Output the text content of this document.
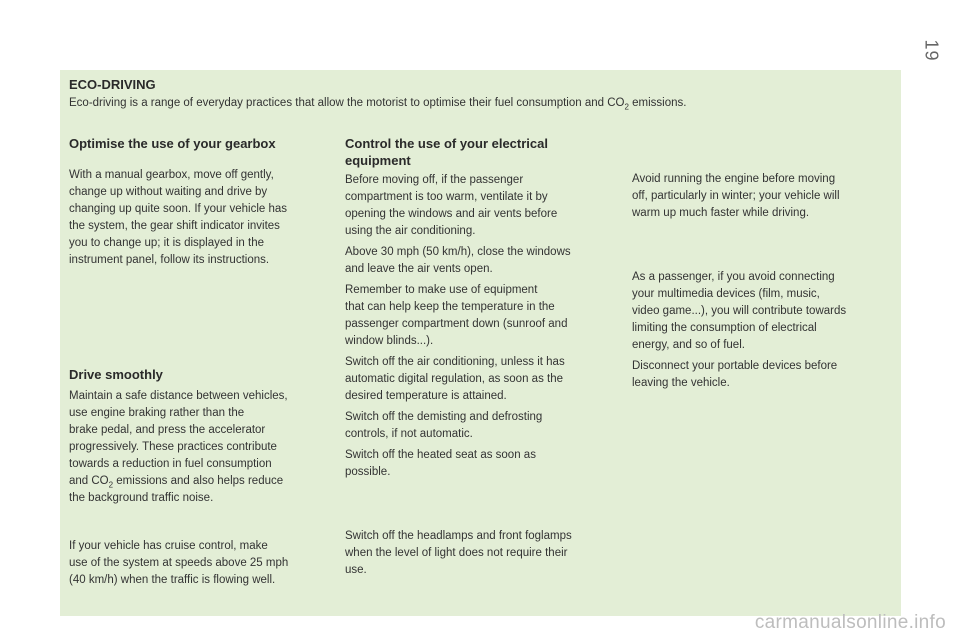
19
ECO-DRIVING
Eco-driving is a range of everyday practices that allow the motorist to optimise their fuel consumption and $CO_2$ emissions.
Optimise the use of your gearbox

With a manual gearbox, move off gently,
change up without waiting and drive by
changing up quite soon. If your vehicle has
the system, the gear shift indicator invites
you to change up; it is displayed in the
instrument panel, follow its instructions.

Drive smoothly

Maintain a safe distance between vehicles,
use engine braking rather than the
brake pedal, and press the accelerator
progressively. These practices contribute
towards a reduction in fuel consumption
and $CO_2$ emissions and also helps reduce
the background traffic noise.

If your vehicle has cruise control, make
use of the system at speeds above 25 mph
(40 km/h) when the traffic is flowing well.

Control the use of your electrical
equipment

Before moving off, if the passenger
compartment is too warm, ventilate it by
opening the windows and air vents before
using the air conditioning.

Above 30 mph (50 km/h), close the windows
and leave the air vents open.

Remember to make use of equipment
that can help keep the temperature in the
passenger compartment down (sunroof and
window blinds...).

Switch off the air conditioning, unless it has
automatic digital regulation, as soon as the
desired temperature is attained.

Switch off the demisting and defrosting
controls, if not automatic.

Switch off the heated seat as soon as
possible.

Switch off the headlamps and front foglamps
when the level of light does not require their
use.

Avoid running the engine before moving
off, particularly in winter; your vehicle will
warm up much faster while driving.

As a passenger, if you avoid connecting
your multimedia devices (film, music,
video game...), you will contribute towards
limiting the consumption of electrical
energy, and so of fuel.

Disconnect your portable devices before
leaving the vehicle.

carmanualsonline.info
